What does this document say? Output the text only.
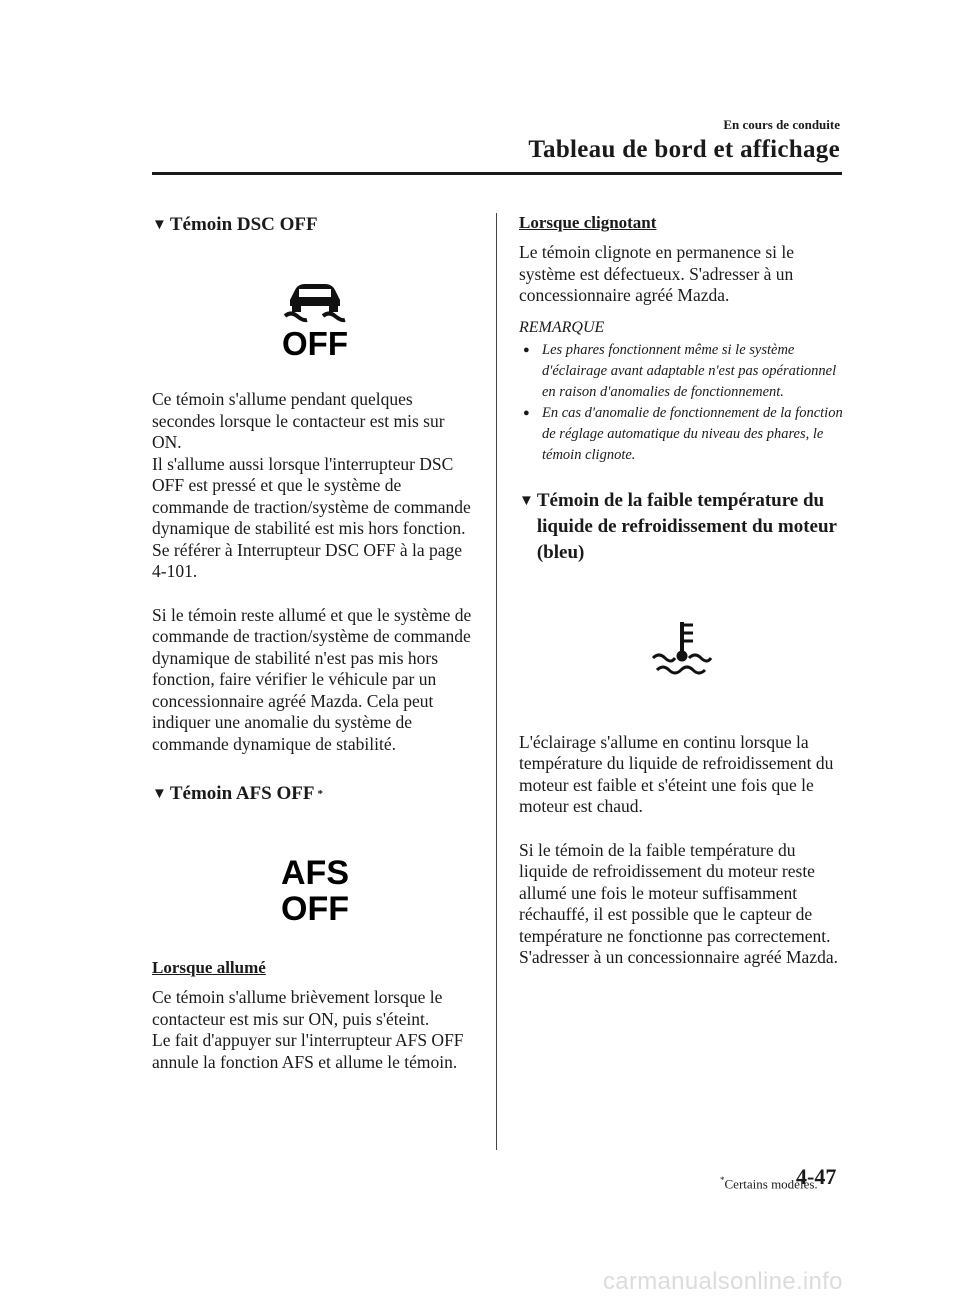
En cours de conduite
Tableau de bord et affichage
▼ Témoin DSC OFF
OFF

Ce témoin s'allume pendant quelques secondes lorsque le contacteur est mis sur ON.

Il s'allume aussi lorsque l'interrupteur DSC OFF est pressé et que le système de commande de traction/système de commande dynamique de stabilité est mis hors fonction.

Se référer à Interrupteur DSC OFF à la page 4-101.

Si le témoin reste allumé et que le système de commande de traction/système de commande dynamique de stabilité n'est pas mis hors fonction, faire vérifier le véhicule par un concessionnaire agréé Mazda. Cela peut indiquer une anomalie du système de commande dynamique de stabilité.

▼ Témoin AFS OFF *
AFS
OFF

Lorsque allumé

Ce témoin s'allume brièvement lorsque le contacteur est mis sur ON, puis s'éteint.

Le fait d'appuyer sur l'interrupteur AFS OFF annule la fonction AFS et allume le témoin.

Lorsque clignotant

Le témoin clignote en permanence si le système est défectueux. S'adresser à un concessionnaire agréé Mazda.

REMARQUE
● Les phares fonctionnent même si le système d'éclairage avant adaptable n'est pas opérationnel en raison d'anomalies de fonctionnement.
● En cas d'anomalie de fonctionnement de la fonction de réglage automatique du niveau des phares, le témoin clignote.
▼ Témoin de la faible température du liquide de refroidissement du moteur (bleu)

L'éclairage s'allume en continu lorsque la température du liquide de refroidissement du moteur est faible et s'éteint une fois que le moteur est chaud.

Si le témoin de la faible température du liquide de refroidissement du moteur reste allumé une fois le moteur suffisamment réchauffé, il est possible que le capteur de température ne fonctionne pas correctement. S'adresser à un concessionnaire agréé Mazda.

*Certains modèles.
4-47
carmanualsonline.info
